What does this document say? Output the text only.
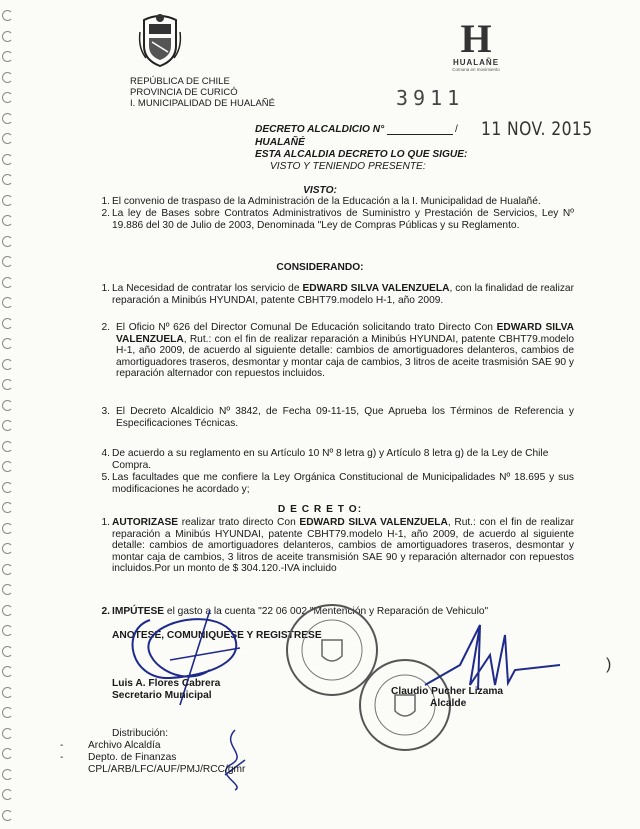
REPÚBLICA DE CHILE
PROVINCIA DE CURICÓ
I. MUNICIPALIDAD DE HUALAÑÉ
H
HUALAÑE
Comuna en movimiento
3911
DECRETO ALCALDICIO N°	/ 11 NOV. 2015
HUALAÑÉ
ESTA ALCALDIA DECRETO LO QUE SIGUE:
VISTO Y TENIENDO PRESENTE:
VISTO:
1. El convenio de traspaso de la Administración de la Educación a la I. Municipalidad de Hualañé.
2. La ley de Bases sobre Contratos Administrativos de Suministro y Prestación de Servicios, Ley Nº 19.886 del 30 de Julio de 2003, Denominada "Ley de Compras Públicas y su Reglamento.
CONSIDERANDO:
1. La Necesidad de contratar los servicio de EDWARD SILVA VALENZUELA, con la finalidad de realizar reparación a Minibús HYUNDAI, patente CBHT79.modelo H-1, año 2009.
2. El Oficio Nº 626 del Director Comunal De Educación solicitando trato Directo Con EDWARD SILVA VALENZUELA, Rut.: con el fin de realizar reparación a Minibús HYUNDAI, patente CBHT79.modelo H-1, año 2009, de acuerdo al siguiente detalle: cambios de amortiguadores delanteros, cambios de amortiguadores traseros, desmontar y montar caja de cambios, 3 litros de aceite trasmisión SAE 90 y reparación alternador con repuestos incluidos.
3. El Decreto Alcaldicio Nº 3842, de Fecha 09-11-15, Que Aprueba los Términos de Referencia y Especificaciones Técnicas.
4. De acuerdo a su reglamento en su Artículo 10 Nº 8 letra g) y Artículo 8 letra g) de la Ley de Chile Compra.
5. Las facultades que me confiere la Ley Orgánica Constitucional de Municipalidades Nº 18.695 y sus modificaciones he acordado y;
D E C R E T O:
1. AUTORIZASE realizar trato directo Con EDWARD SILVA VALENZUELA, Rut.: con el fin de realizar reparación a Minibús HYUNDAI, patente CBHT79.modelo H-1, año 2009, de acuerdo al siguiente detalle: cambios de amortiguadores delanteros, cambios de amortiguadores traseros, desmontar y montar caja de cambios, 3 litros de aceite transmisión SAE 90 y reparación alternador con repuestos incluidos.Por un monto de $ 304.120.-IVA incluido
2. IMPÚTESE el gasto a la cuenta "22 06 002 "Mentención y Reparación de Vehiculo"
ANOTESE, COMUNIQUESE Y REGISTRESE
Luis A. Flores Cabrera
Secretario Municipal	Claudio Pucher Lizama
Alcalde
)
Distribución:
- Archivo Alcaldía
- Depto. de Finanzas
CPL/ARB/LFC/AUF/PMJ/RCC/gmr
